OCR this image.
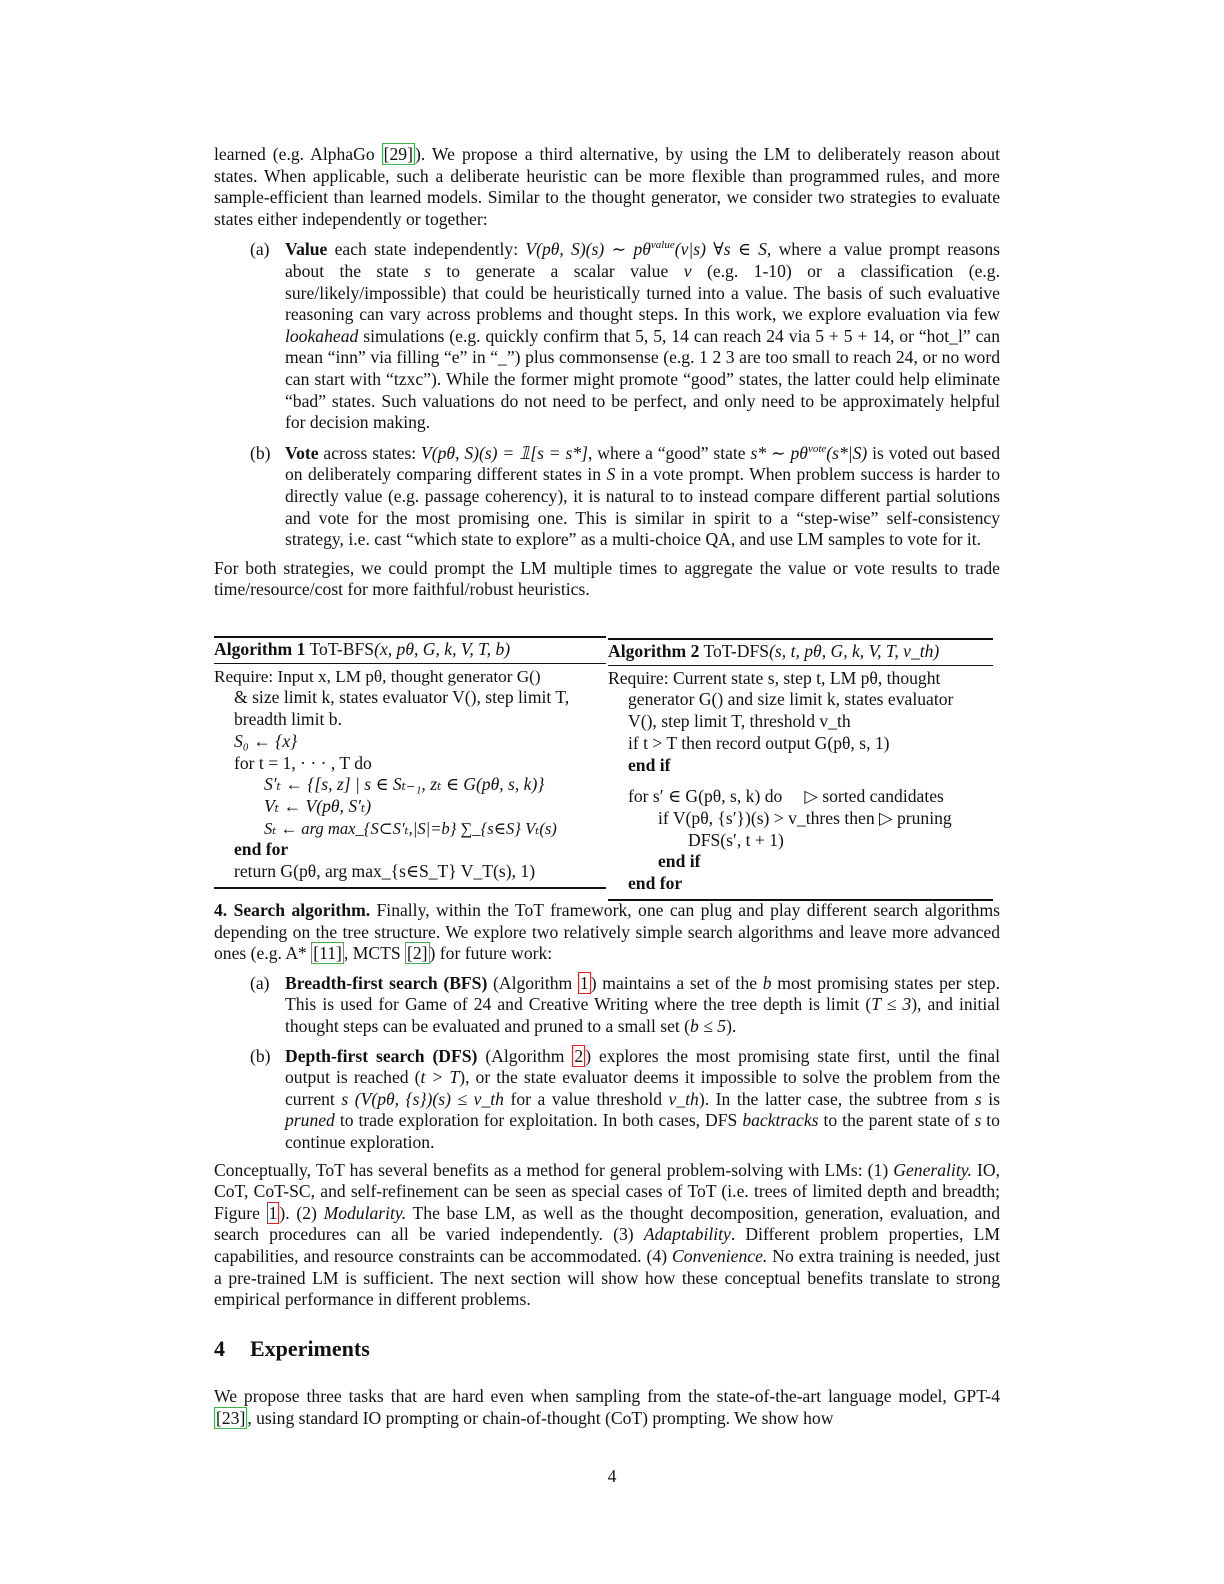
learned (e.g. AlphaGo [29] ). We propose a third alternative, by using the LM to deliberately reason about states. When applicable, such a deliberate heuristic can be more flexible than programmed rules, and more sample-efficient than learned models. Similar to the thought generator, we consider two strategies to evaluate states either independently or together:

(a) Value each state independently: V(pθ, S)(s) ∼ $p\theta^{value}(v|s)$ ∀s ∈ S, where a value prompt reasons about the state s to generate a scalar value v (e.g. 1-10) or a classification (e.g. sure/likely/impossible) that could be heuristically turned into a value. The basis of such evaluative reasoning can vary across problems and thought steps. In this work, we explore evaluation via few lookahead simulations (e.g. quickly confirm that 5, 5, 14 can reach 24 via 5 + 5 + 14, or “hot_l” can mean “inn” via filling “e” in “_”) plus commonsense (e.g. 1 2 3 are too small to reach 24, or no word can start with “tzxc”). While the former might promote “good” states, the latter could help eliminate “bad” states. Such valuations do not need to be perfect, and only need to be approximately helpful for decision making.
(b) Vote across states: V(pθ, S)(s) = 𝟙[s = s*], where a “good” state s* ∼ $p\theta^{vote}(s*|S)$ is voted out based on deliberately comparing different states in S in a vote prompt. When problem success is harder to directly value (e.g. passage coherency), it is natural to to instead compare different partial solutions and vote for the most promising one. This is similar in spirit to a “step-wise” self-consistency strategy, i.e. cast “which state to explore” as a multi-choice QA, and use LM samples to vote for it.

For both strategies, we could prompt the LM multiple times to aggregate the value or vote results to trade time/resource/cost for more faithful/robust heuristics.

Algorithm 1 ToT-BFS(x, pθ, G, k, V, T, b)
Require: Input x, LM pθ, thought generator G()
& size limit k, states evaluator V(), step limit T,
breadth limit b.
S₀ ← {x}
for t = 1, · · · , T do
S′ₜ ← {[s, z] | s ∈ Sₜ₋₁, zₜ ∈ G(pθ, s, k)}
Vₜ ← V(pθ, S′ₜ)
Sₜ ← arg max_{S⊂S′ₜ,|S|=b} ∑_{s∈S} Vₜ(s)
end for
return G(pθ, arg max_{s∈S_T} V_T(s), 1)
Algorithm 2 ToT-DFS(s, t, pθ, G, k, V, T, v_th)
Require: Current state s, step t, LM pθ, thought
generator G() and size limit k, states evaluator
V(), step limit T, threshold v_th
if t > T then record output G(pθ, s, 1)
end if
for s′ ∈ G(pθ, s, k) do ▷ sorted candidates
if V(pθ, {s′})(s) > v_thres then ▷ pruning
DFS(s′, t + 1)
end if
end for

4. Search algorithm. Finally, within the ToT framework, one can plug and play different search algorithms depending on the tree structure. We explore two relatively simple search algorithms and leave more advanced ones (e.g. A* [11] , MCTS [2] ) for future work:

(a) Breadth-first search (BFS) (Algorithm 1 ) maintains a set of the b most promising states per step. This is used for Game of 24 and Creative Writing where the tree depth is limit (T ≤ 3), and initial thought steps can be evaluated and pruned to a small set (b ≤ 5).
(b) Depth-first search (DFS) (Algorithm 2 ) explores the most promising state first, until the final output is reached (t > T), or the state evaluator deems it impossible to solve the problem from the current s (V(pθ, {s})(s) ≤ v_th for a value threshold v_th). In the latter case, the subtree from s is pruned to trade exploration for exploitation. In both cases, DFS backtracks to the parent state of s to continue exploration.

Conceptually, ToT has several benefits as a method for general problem-solving with LMs: (1) Generality. IO, CoT, CoT-SC, and self-refinement can be seen as special cases of ToT (i.e. trees of limited depth and breadth; Figure 1 ). (2) Modularity. The base LM, as well as the thought decomposition, generation, evaluation, and search procedures can all be varied independently. (3) Adaptability. Different problem properties, LM capabilities, and resource constraints can be accommodated. (4) Convenience. No extra training is needed, just a pre-trained LM is sufficient. The next section will show how these conceptual benefits translate to strong empirical performance in different problems.

4 Experiments

We propose three tasks that are hard even when sampling from the state-of-the-art language model, GPT-4 [23] , using standard IO prompting or chain-of-thought (CoT) prompting. We show how

4
